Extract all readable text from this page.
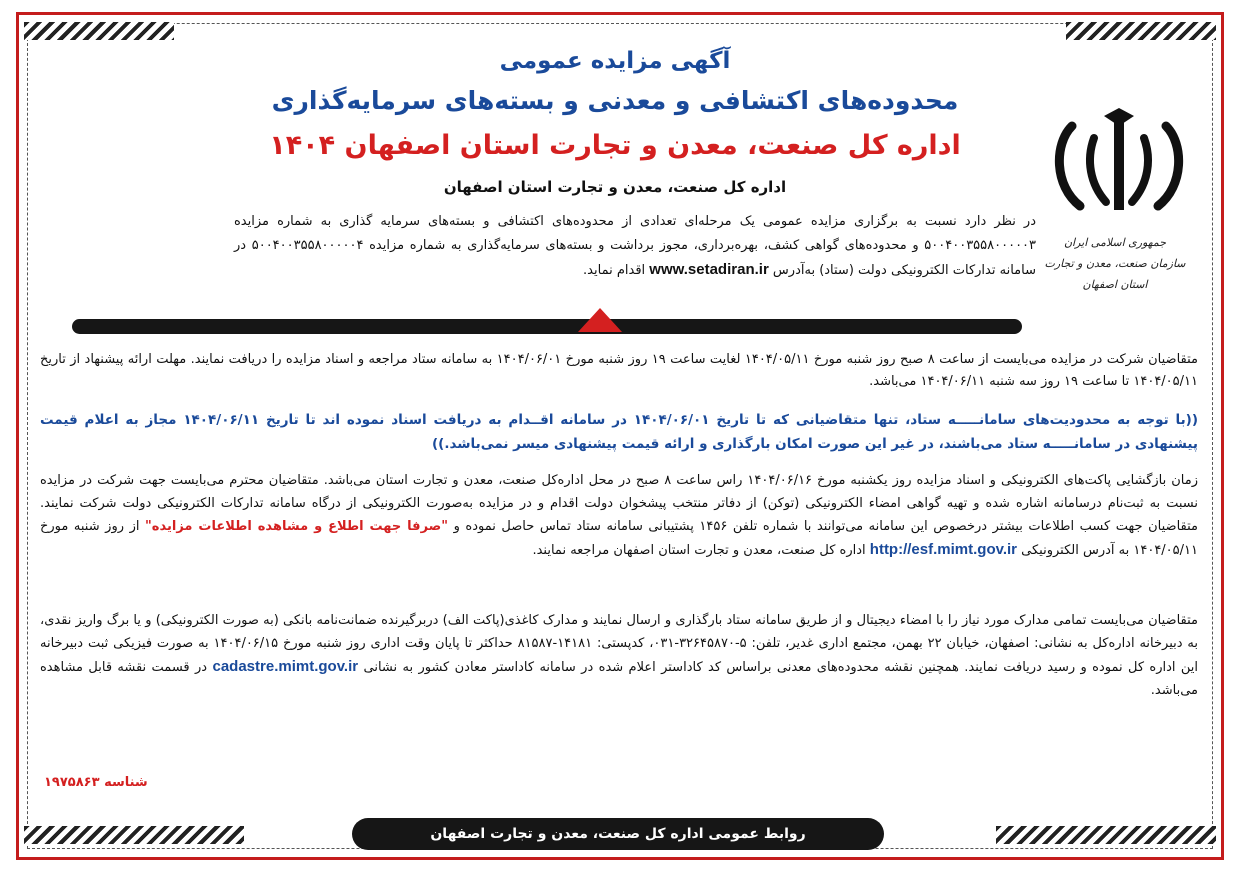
جمهوری اسلامی ایران
سازمان صنعت، معدن و تجارت
استان اصفهان
آگهی مزایده عمومی
محدوده‌های اکتشافی و معدنی و بسته‌های سرمایه‌گذاری
اداره کل صنعت، معدن و تجارت استان اصفهان ۱۴۰۴
اداره کل صنعت، معدن و تجارت استان اصفهان
در نظر دارد نسبت به برگزاری مزایده عمومی یک مرحله‌ای تعدادی از محدوده‌های اکتشافی و بسته‌های سرمایه گذاری به شماره مزایده ۵۰۰۴۰۰۳۵۵۸۰۰۰۰۰۳ و محدوده‌های گواهی کشف، بهره‌برداری، مجوز برداشت و بسته‌های سرمایه‌گذاری به شماره مزایده ۵۰۰۴۰۰۳۵۵۸۰۰۰۰۰۴ در سامانه تدارکات الکترونیکی دولت (ستاد) به‌آدرس www.setadiran.ir اقدام نماید.
متقاضیان شرکت در مزایده می‌بایست از ساعت ۸ صبح روز شنبه مورخ ۱۴۰۴/۰۵/۱۱ لغایت ساعت ۱۹ روز شنبه مورخ ۱۴۰۴/۰۶/۰۱ به سامانه ستاد مراجعه و اسناد مزایده را دریافت نمایند. مهلت ارائه پیشنهاد از تاریخ ۱۴۰۴/۰۵/۱۱ تا ساعت ۱۹ روز سه شنبه ۱۴۰۴/۰۶/۱۱ می‌باشد.
((با توجه به محدودیت‌های سامانـــــه ستاد، تنها متقاضیانی که تا تاریخ ۱۴۰۴/۰۶/۰۱ در سامانه اقــدام به دریافت اسناد نموده اند تا تاریخ ۱۴۰۴/۰۶/۱۱ مجاز به اعلام قیمت پیشنهادی در سامانـــــه ستاد می‌باشند، در غیر این صورت امکان بارگذاری و ارائه قیمت پیشنهادی میسر نمی‌باشد.))
زمان بازگشایی پاکت‌های الکترونیکی و اسناد مزایده روز یکشنبه مورخ ۱۴۰۴/۰۶/۱۶ راس ساعت ۸ صبح در محل اداره‌کل صنعت، معدن و تجارت استان می‌باشد. متقاضیان محترم می‌بایست جهت شرکت در مزایده نسبت به ثبت‌نام درسامانه اشاره شده و تهیه گواهی امضاء الکترونیکی (توکن) از دفاتر منتخب پیشخوان دولت اقدام و در مزایده به‌صورت الکترونیکی از درگاه سامانه تدارکات الکترونیکی دولت شرکت نمایند. متقاضیان جهت کسب اطلاعات بیشتر درخصوص این سامانه می‌توانند با شماره تلفن ۱۴۵۶ پشتیبانی سامانه ستاد تماس حاصل نموده و "صرفا جهت اطلاع و مشاهده اطلاعات مزایده" از روز شنبه مورخ ۱۴۰۴/۰۵/۱۱ به آدرس الکترونیکی http://esf.mimt.gov.ir اداره کل صنعت، معدن و تجارت استان اصفهان مراجعه نمایند.
متقاضیان می‌بایست تمامی مدارک مورد نیاز را با امضاء دیجیتال و از طریق سامانه ستاد بارگذاری و ارسال نمایند و مدارک کاغذی(پاکت الف) دربرگیرنده ضمانت‌نامه بانکی (به صورت الکترونیکی) و یا برگ واریز نقدی، به دبیرخانه اداره‌کل به نشانی: اصفهان، خیابان ۲۲ بهمن، مجتمع اداری غدیر، تلفن: ۵-۳۲۶۴۵۸۷۰-۰۳۱، کدپستی: ۱۴۱۸۱-۸۱۵۸۷ حداکثر تا پایان وقت اداری روز شنبه مورخ ۱۴۰۴/۰۶/۱۵ به صورت فیزیکی ثبت دبیرخانه این اداره کل نموده و رسید دریافت نمایند. همچنین نقشه محدوده‌های معدنی براساس کد کاداستر اعلام شده در سامانه کاداستر معادن کشور به نشانی cadastre.mimt.gov.ir در قسمت نقشه قابل مشاهده می‌باشد.
شناسه ۱۹۷۵۸۶۳
روابط عمومی اداره کل صنعت، معدن و تجارت اصفهان
